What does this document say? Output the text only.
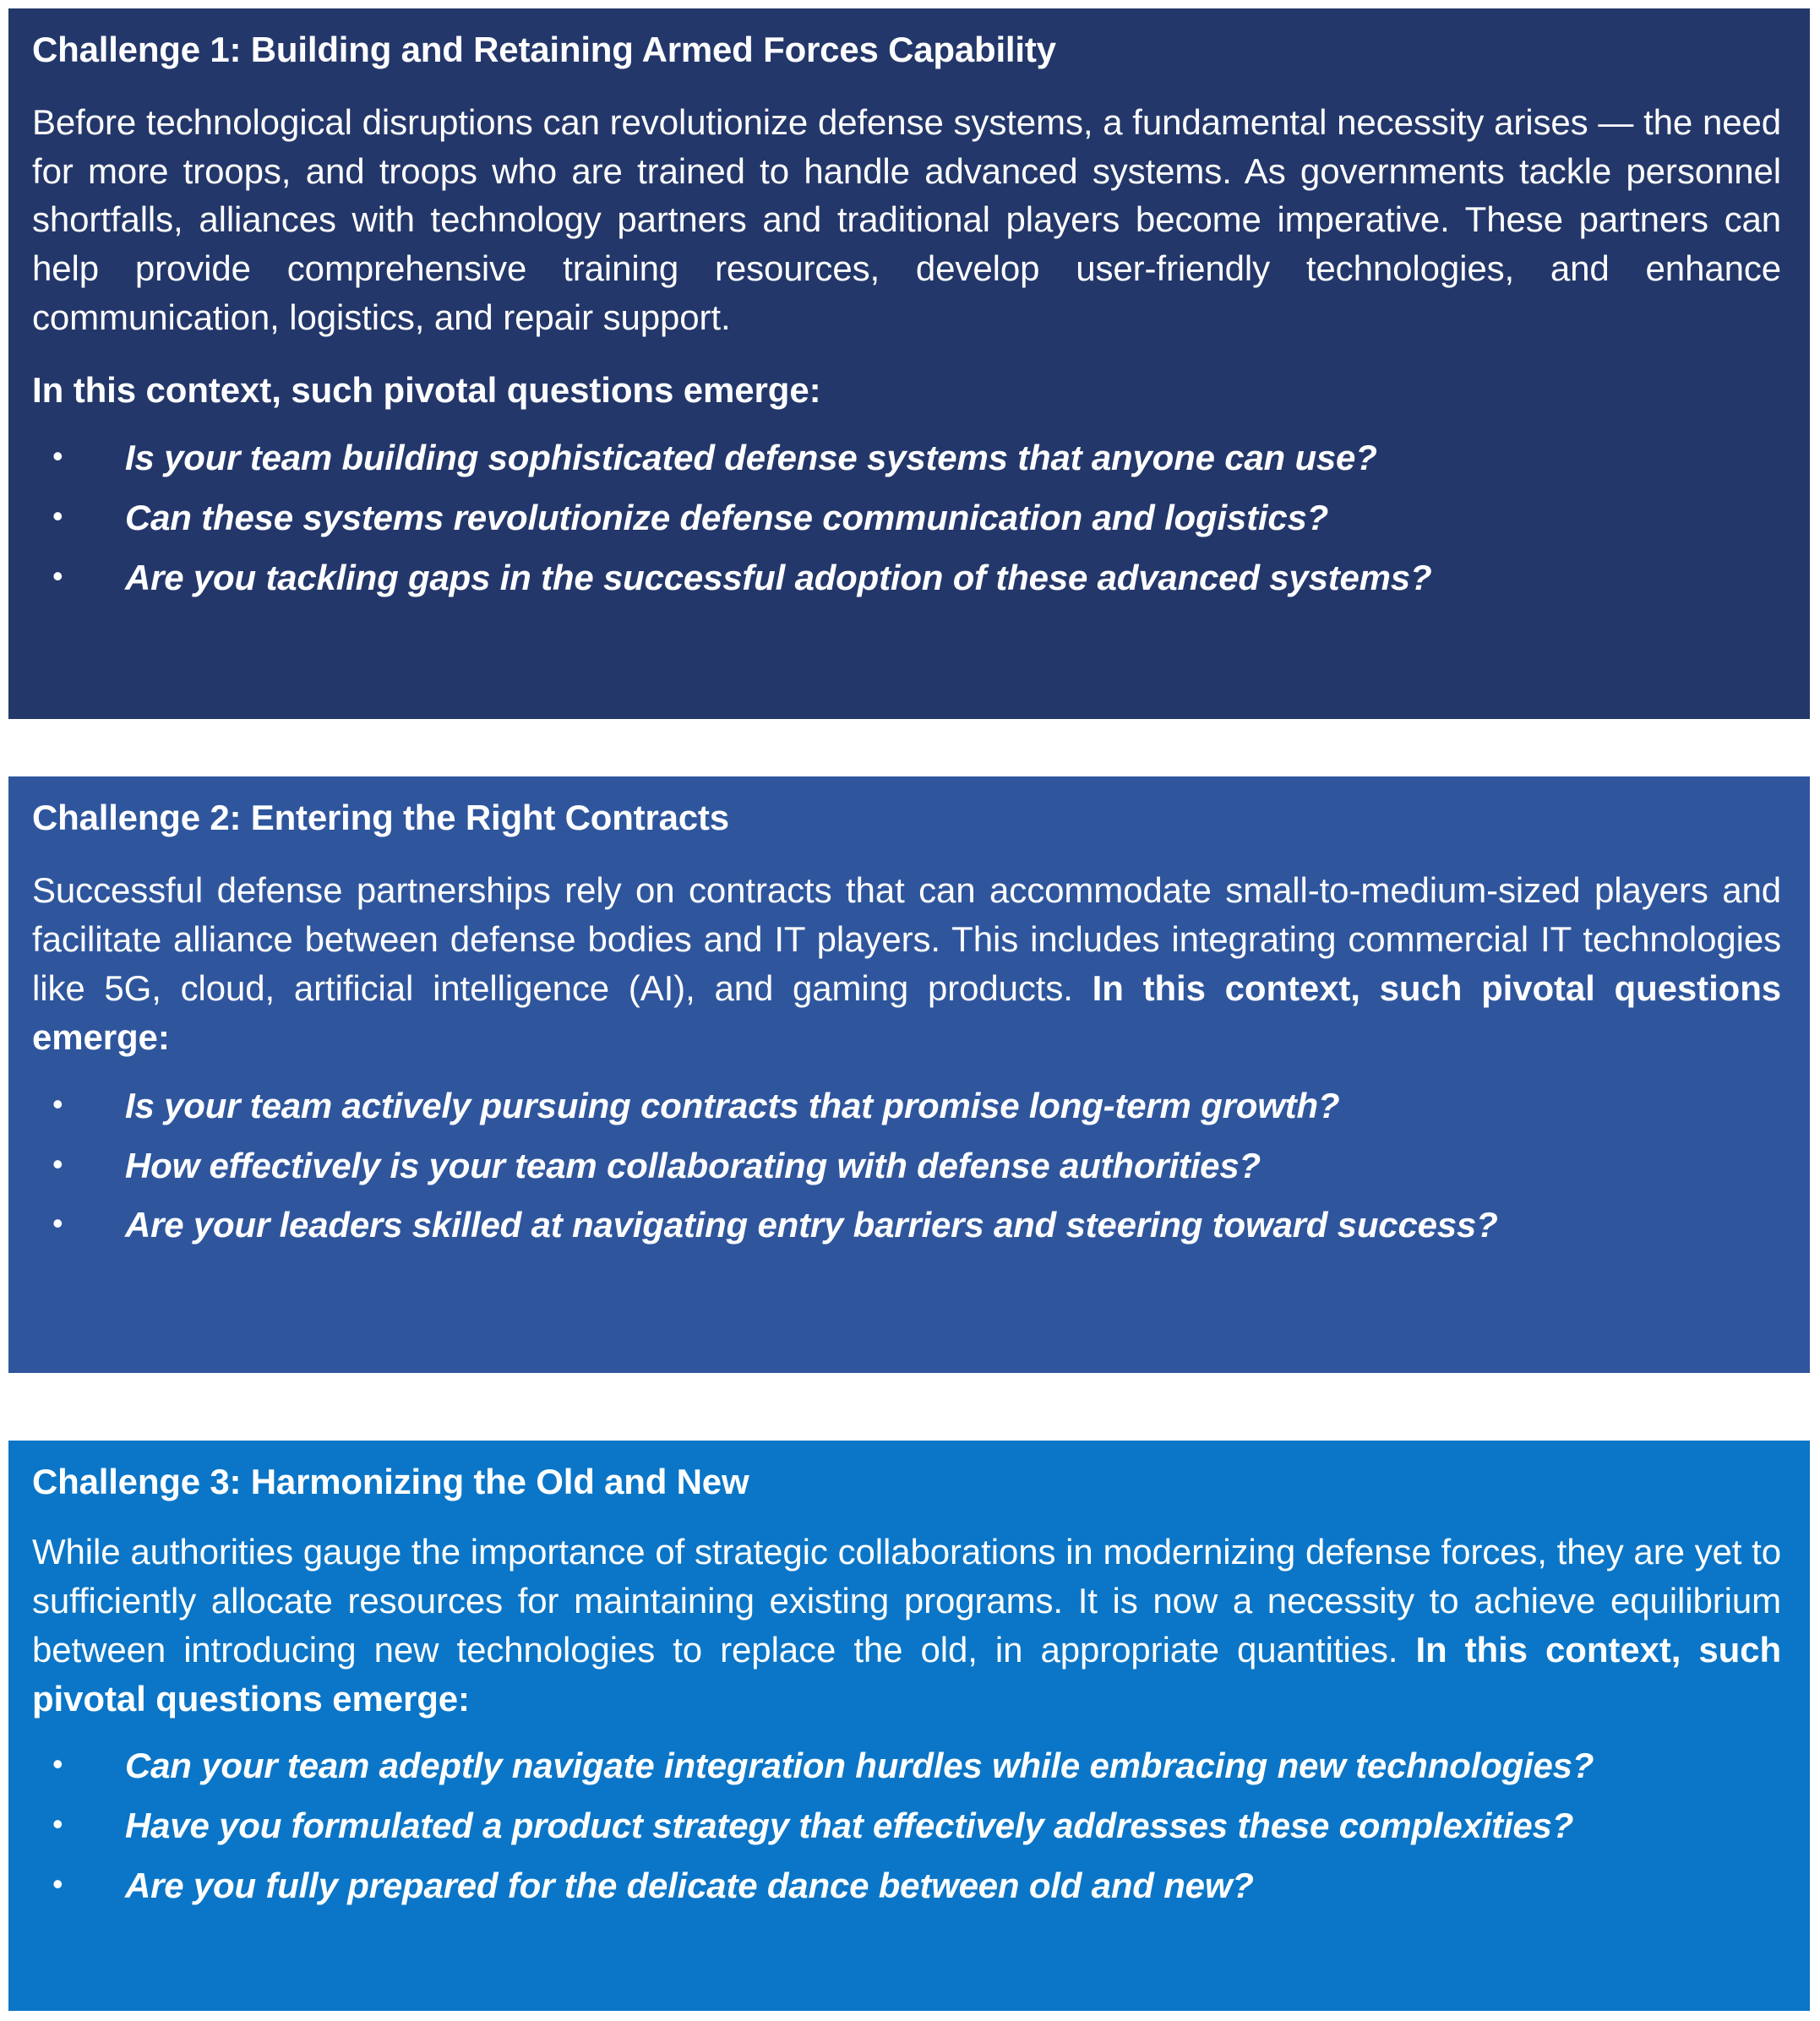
Challenge 1: Building and Retaining Armed Forces Capability

Before technological disruptions can revolutionize defense systems, a fundamental necessity arises — the need for more troops, and troops who are trained to handle advanced systems. As governments tackle personnel shortfalls, alliances with technology partners and traditional players become imperative. These partners can help provide comprehensive training resources, develop user-friendly technologies, and enhance communication, logistics, and repair support.

In this context, such pivotal questions emerge:

•	Is your team building sophisticated defense systems that anyone can use?
•	Can these systems revolutionize defense communication and logistics?
•	Are you tackling gaps in the successful adoption of these advanced systems?
Challenge 2: Entering the Right Contracts

Successful defense partnerships rely on contracts that can accommodate small-to-medium-sized players and facilitate alliance between defense bodies and IT players. This includes integrating commercial IT technologies like 5G, cloud, artificial intelligence (AI), and gaming products. In this context, such pivotal questions emerge:

•	Is your team actively pursuing contracts that promise long-term growth?
•	How effectively is your team collaborating with defense authorities?
•	Are your leaders skilled at navigating entry barriers and steering toward success?
Challenge 3: Harmonizing the Old and New

While authorities gauge the importance of strategic collaborations in modernizing defense forces, they are yet to sufficiently allocate resources for maintaining existing programs. It is now a necessity to achieve equilibrium between introducing new technologies to replace the old, in appropriate quantities. In this context, such pivotal questions emerge:

•	Can your team adeptly navigate integration hurdles while embracing new technologies?
•	Have you formulated a product strategy that effectively addresses these complexities?
•	Are you fully prepared for the delicate dance between old and new?
